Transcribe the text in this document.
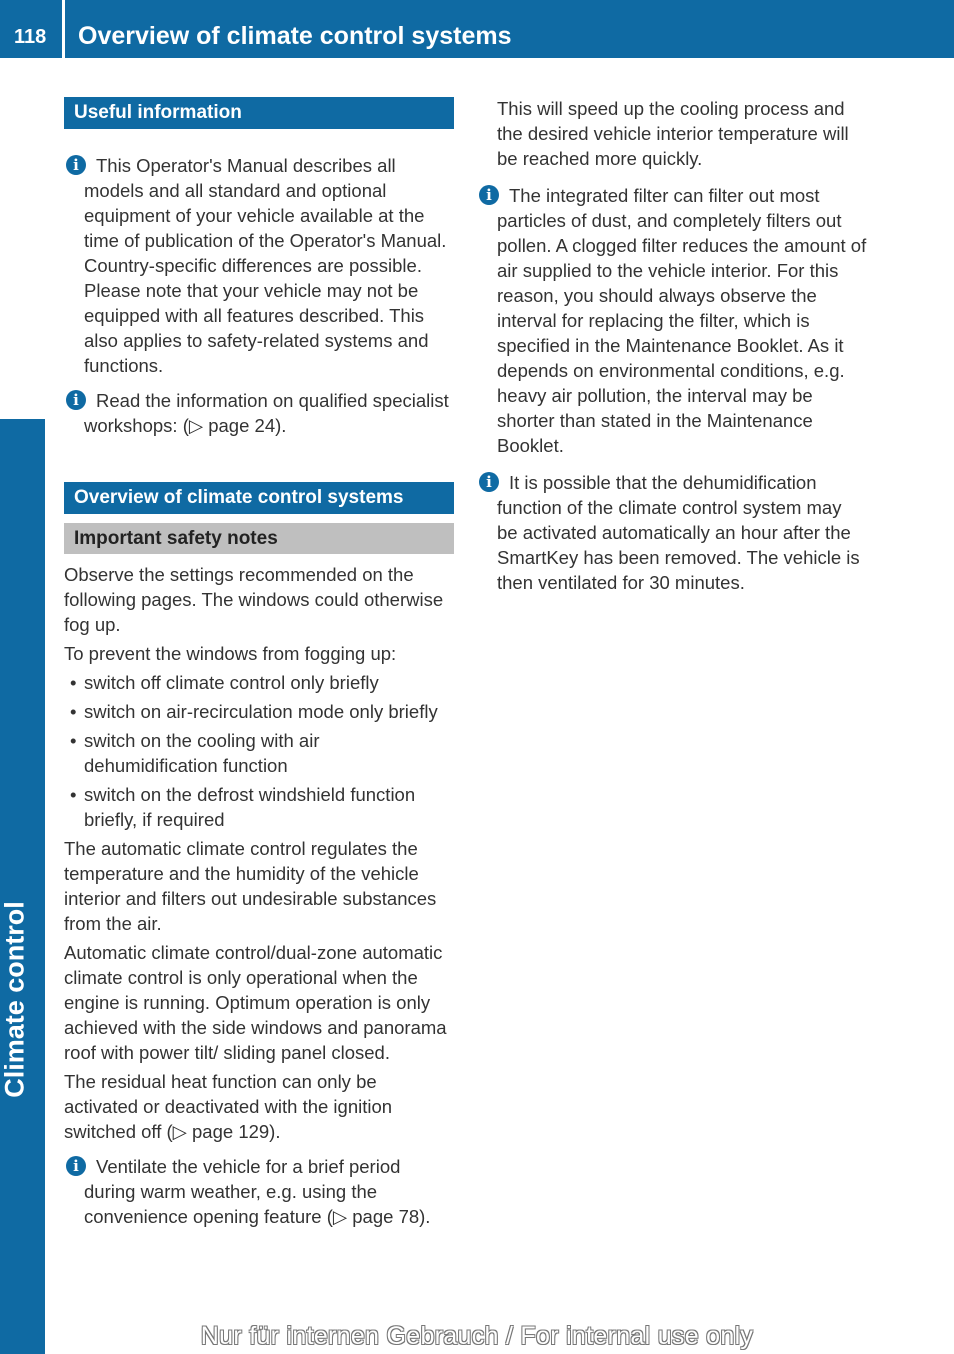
118 Overview of climate control systems
Climate control
Useful information
i This Operator's Manual describes all models and all standard and optional equipment of your vehicle available at the time of publication of the Operator's Manual. Country-specific differences are possible. Please note that your vehicle may not be equipped with all features described. This also applies to safety-related systems and functions.
i Read the information on qualified specialist workshops: (▷ page 24).
Overview of climate control systems
Important safety notes

Observe the settings recommended on the following pages. The windows could otherwise fog up.

To prevent the windows from fogging up:

• switch off climate control only briefly
• switch on air-recirculation mode only briefly
• switch on the cooling with air dehumidification function
• switch on the defrost windshield function briefly, if required

The automatic climate control regulates the temperature and the humidity of the vehicle interior and filters out undesirable substances from the air.

Automatic climate control/dual-zone automatic climate control is only operational when the engine is running. Optimum operation is only achieved with the side windows and panorama roof with power tilt/ sliding panel closed.

The residual heat function can only be activated or deactivated with the ignition switched off (▷ page 129).

i Ventilate the vehicle for a brief period during warm weather, e.g. using the convenience opening feature (▷ page 78).

This will speed up the cooling process and the desired vehicle interior temperature will be reached more quickly.

i The integrated filter can filter out most particles of dust, and completely filters out pollen. A clogged filter reduces the amount of air supplied to the vehicle interior. For this reason, you should always observe the interval for replacing the filter, which is specified in the Maintenance Booklet. As it depends on environmental conditions, e.g. heavy air pollution, the interval may be shorter than stated in the Maintenance Booklet.
i It is possible that the dehumidification function of the climate control system may be activated automatically an hour after the SmartKey has been removed. The vehicle is then ventilated for 30 minutes.
Nur für internen Gebrauch / For internal use only
